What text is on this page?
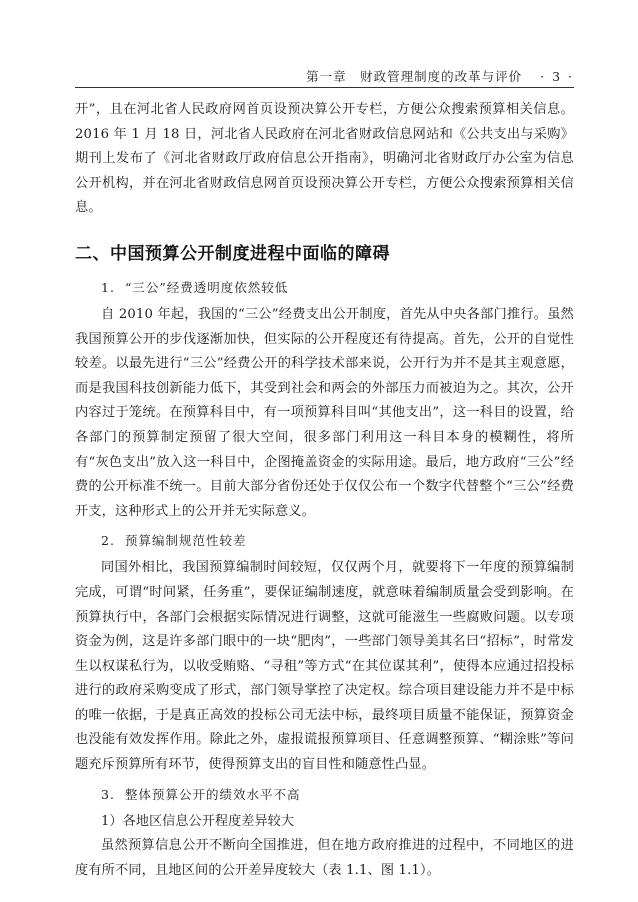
第一章　财政管理制度的改革与评价 · 3 ·

开”，且在河北省人民政府网首页设预决算公开专栏，方便公众搜索预算相关信息。2016 年 1 月 18 日，河北省人民政府在河北省财政信息网站和《公共支出与采购》期刊上发布了《河北省财政厅政府信息公开指南》，明确河北省财政厅办公室为信息公开机构，并在河北省财政信息网首页设预决算公开专栏，方便公众搜索预算相关信息。

二、中国预算公开制度进程中面临的障碍
1. “三公”经费透明度依然较低

自 2010 年起，我国的“三公”经费支出公开制度，首先从中央各部门推行。虽然我国预算公开的步伐逐渐加快，但实际的公开程度还有待提高。首先，公开的自觉性较差。以最先进行“三公”经费公开的科学技术部来说，公开行为并不是其主观意愿，而是我国科技创新能力低下，其受到社会和两会的外部压力而被迫为之。其次，公开内容过于笼统。在预算科目中，有一项预算科目叫“其他支出”，这一科目的设置，给各部门的预算制定预留了很大空间，很多部门利用这一科目本身的模糊性，将所有“灰色支出”放入这一科目中，企图掩盖资金的实际用途。最后，地方政府“三公”经费的公开标准不统一。目前大部分省份还处于仅仅公布一个数字代替整个“三公”经费开支，这种形式上的公开并无实际意义。

2. 预算编制规范性较差

同国外相比，我国预算编制时间较短，仅仅两个月，就要将下一年度的预算编制完成，可谓“时间紧，任务重”，要保证编制速度，就意味着编制质量会受到影响。在预算执行中，各部门会根据实际情况进行调整，这就可能滋生一些腐败问题。以专项资金为例，这是许多部门眼中的一块“肥肉”，一些部门领导美其名曰“招标”，时常发生以权谋私行为，以收受贿赂、“寻租”等方式“在其位谋其利”，使得本应通过招投标进行的政府采购变成了形式，部门领导掌控了决定权。综合项目建设能力并不是中标的唯一依据，于是真正高效的投标公司无法中标，最终项目质量不能保证，预算资金也没能有效发挥作用。除此之外，虚报谎报预算项目、任意调整预算、“糊涂账”等问题充斥预算所有环节，使得预算支出的盲目性和随意性凸显。

3. 整体预算公开的绩效水平不高
1）各地区信息公开程度差异较大

虽然预算信息公开不断向全国推进，但在地方政府推进的过程中，不同地区的进度有所不同，且地区间的公开差异度较大（表 1.1、图 1.1）。
